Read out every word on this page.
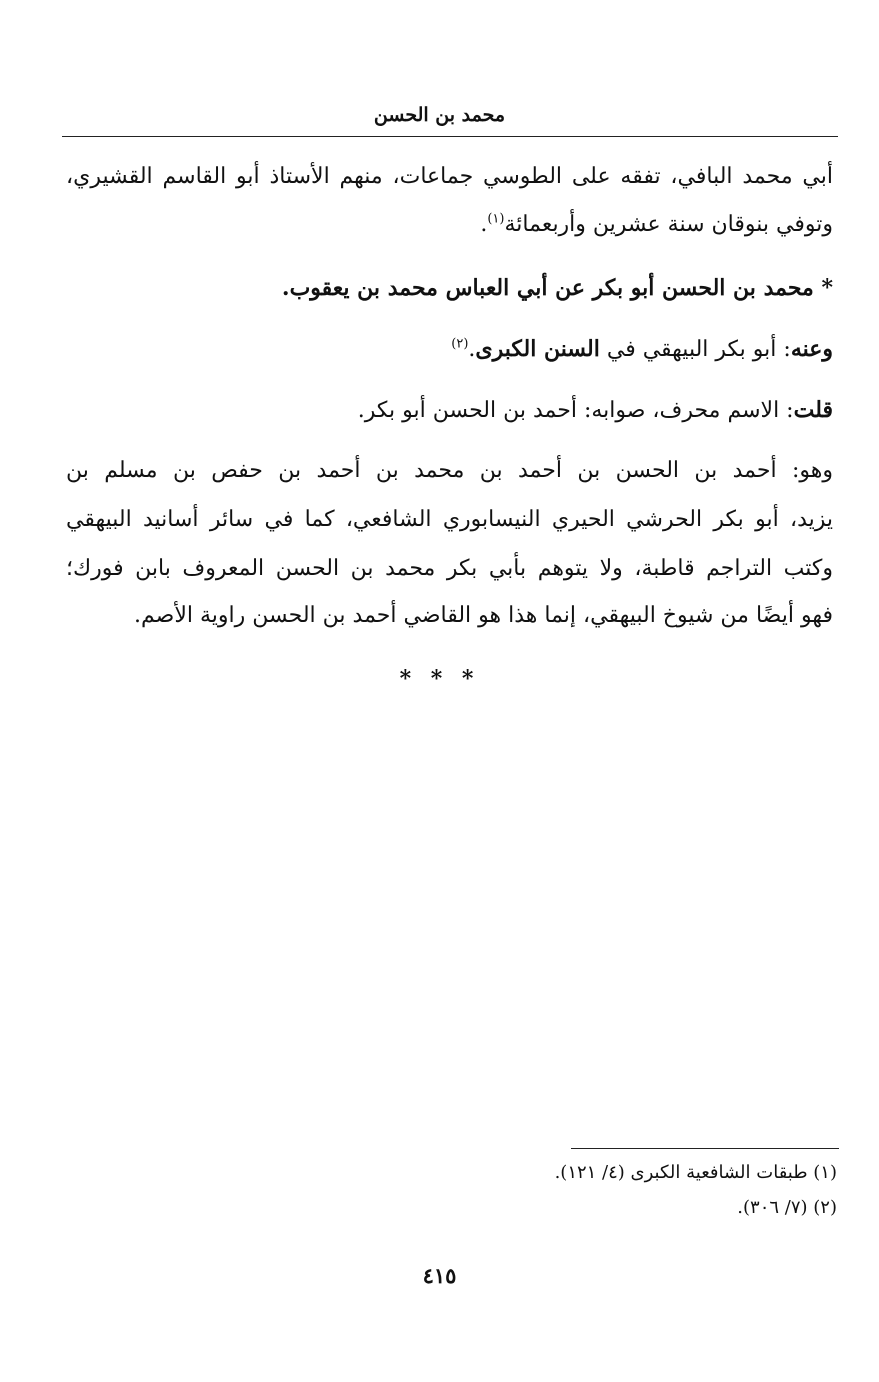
محمد بن الحسن
أبي محمد البافي، تفقه على الطوسي جماعات، منهم الأستاذ أبو القاسم القشيري،
وتوفي بنوقان سنة عشرين وأربعمائة$^{(١)}$.
* محمد بن الحسن أبو بكر عن أبي العباس محمد بن يعقوب.
وعنه: أبو بكر البيهقي في السنن الكبرى.$^{(٢)}$
قلت: الاسم محرف، صوابه: أحمد بن الحسن أبو بكر.
وهو: أحمد بن الحسن بن أحمد بن محمد بن أحمد بن حفص بن مسلم بن
يزيد، أبو بكر الحرشي الحيري النيسابوري الشافعي، كما في سائر أسانيد البيهقي
وكتب التراجم قاطبة، ولا يتوهم بأبي بكر محمد بن الحسن المعروف بابن فورك؛
فهو أيضًا من شيوخ البيهقي، إنما هذا هو القاضي أحمد بن الحسن راوية الأصم.
* * *
(١) طبقات الشافعية الكبرى (٤/ ١٢١).
(٢) (٧/ ٣٠٦).
٤١٥
